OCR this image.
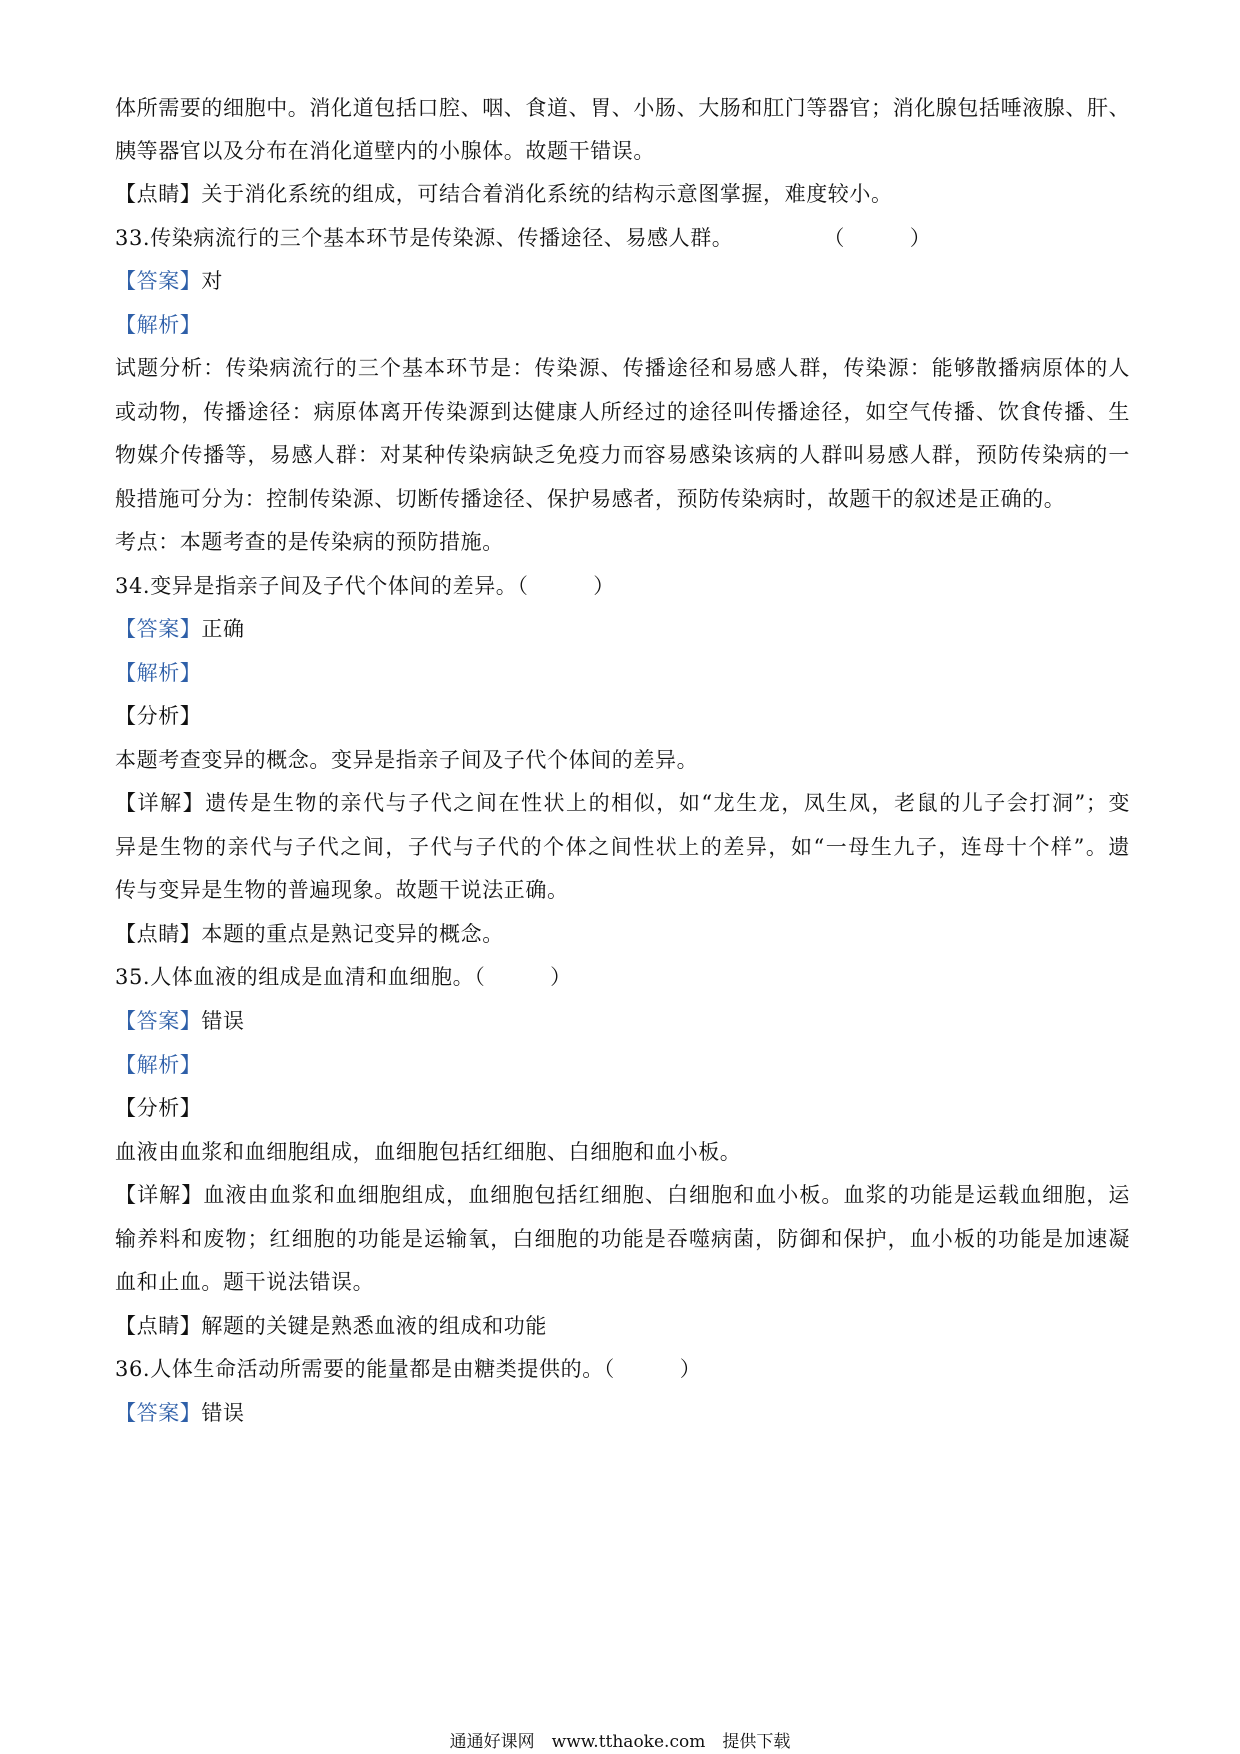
体所需要的细胞中。消化道包括口腔、咽、食道、胃、小肠、大肠和肛门等器官；消化腺包括唾液腺、肝、
胰等器官以及分布在消化道壁内的小腺体。故题干错误。
【点睛】关于消化系统的组成，可结合着消化系统的结构示意图掌握，难度较小。
33.传染病流行的三个基本环节是传染源、传播途径、易感人群。	（　　　）
【答案】对
【解析】
试题分析：传染病流行的三个基本环节是：传染源、传播途径和易感人群，传染源：能够散播病原体的人
或动物，传播途径：病原体离开传染源到达健康人所经过的途径叫传播途径，如空气传播、饮食传播、生
物媒介传播等，易感人群：对某种传染病缺乏免疫力而容易感染该病的人群叫易感人群，预防传染病的一
般措施可分为：控制传染源、切断传播途径、保护易感者，预防传染病时，故题干的叙述是正确的。
考点：本题考查的是传染病的预防措施。
34.变异是指亲子间及子代个体间的差异。（　　　）
【答案】正确
【解析】
【分析】
本题考查变异的概念。变异是指亲子间及子代个体间的差异。
【详解】遗传是生物的亲代与子代之间在性状上的相似，如“龙生龙，凤生凤，老鼠的儿子会打洞”；变
异是生物的亲代与子代之间，子代与子代的个体之间性状上的差异，如“一母生九子，连母十个样”。遗
传与变异是生物的普遍现象。故题干说法正确。
【点睛】本题的重点是熟记变异的概念。
35.人体血液的组成是血清和血细胞。（　　　）
【答案】错误
【解析】
【分析】
血液由血浆和血细胞组成，血细胞包括红细胞、白细胞和血小板。
【详解】血液由血浆和血细胞组成，血细胞包括红细胞、白细胞和血小板。血浆的功能是运载血细胞，运
输养料和废物；红细胞的功能是运输氧，白细胞的功能是吞噬病菌，防御和保护，血小板的功能是加速凝
血和止血。题干说法错误。
【点睛】解题的关键是熟悉血液的组成和功能
36.人体生命活动所需要的能量都是由糖类提供的。（　　　）
【答案】错误
通通好课网　www.tthaoke.com　提供下载
